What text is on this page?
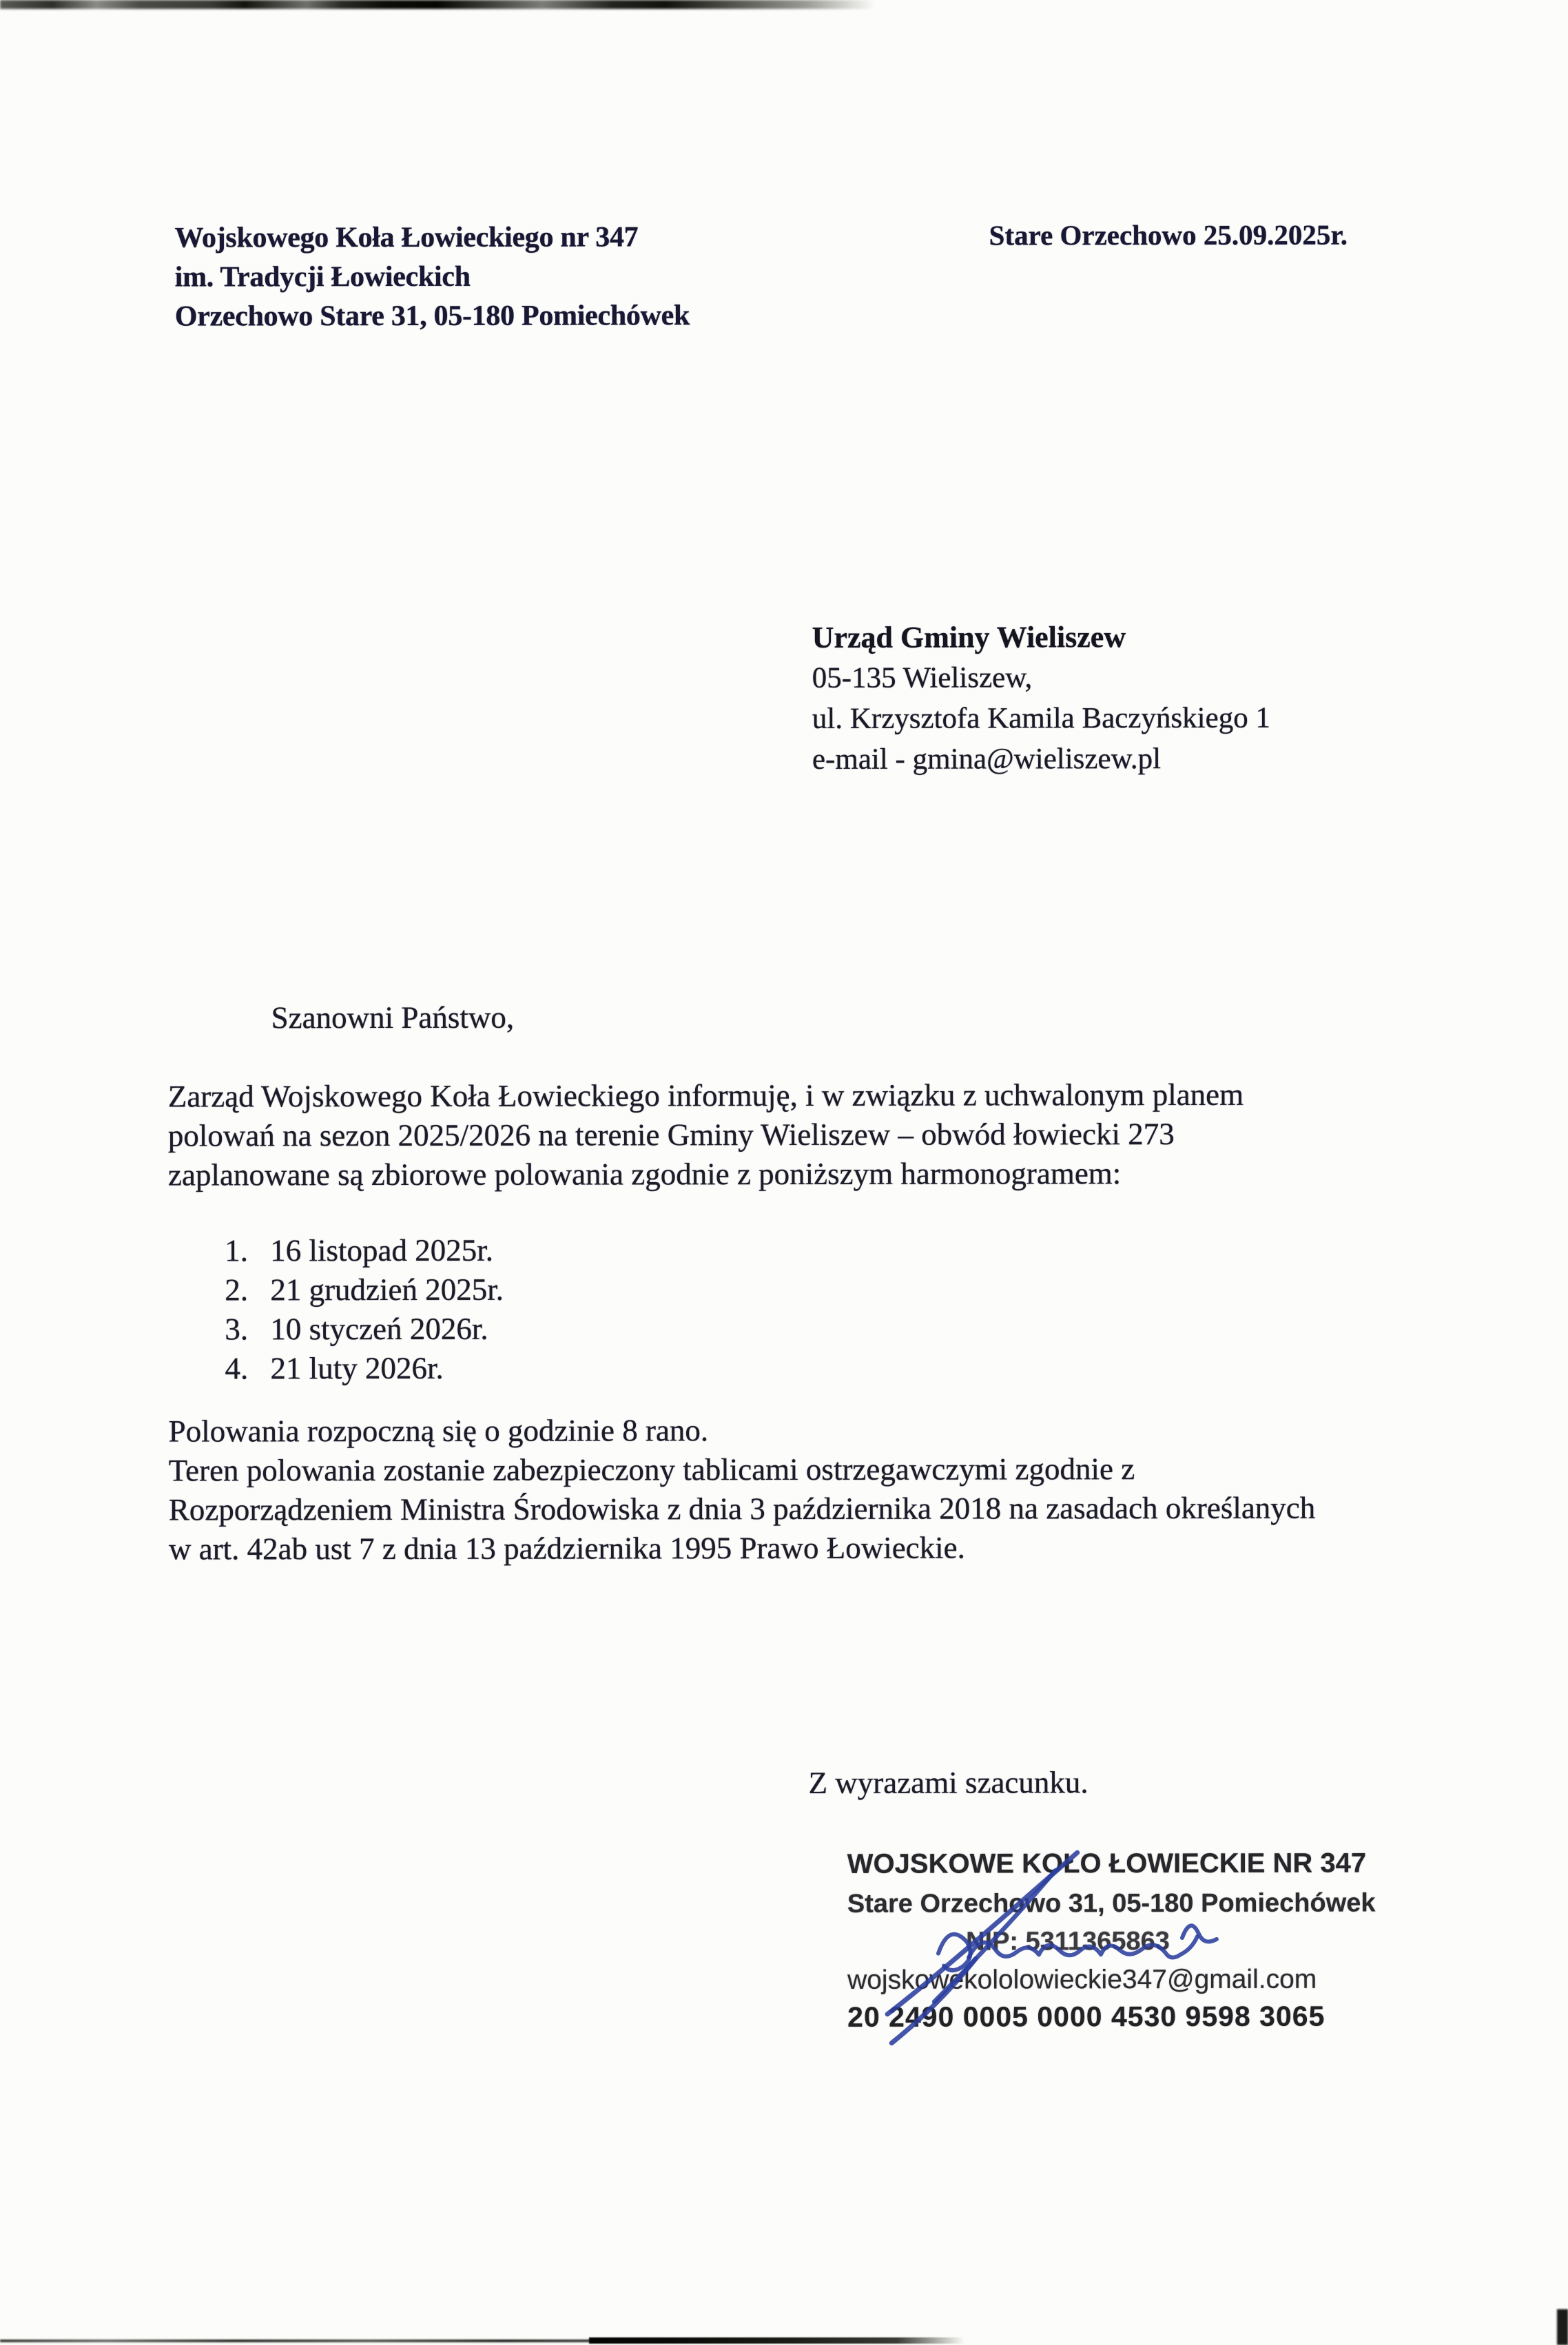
Wojskowego Koła Łowieckiego nr 347
im. Tradycji Łowieckich
Orzechowo Stare 31, 05-180 Pomiechówek
Stare Orzechowo 25.09.2025r.
Urząd Gminy Wieliszew
05-135 Wieliszew,
ul. Krzysztofa Kamila Baczyńskiego 1
e-mail - gmina@wieliszew.pl
Szanowni Państwo,
Zarząd Wojskowego Koła Łowieckiego informuję, i w związku z uchwalonym planem
polowań na sezon 2025/2026 na terenie Gminy Wieliszew – obwód łowiecki 273
zaplanowane są zbiorowe polowania zgodnie z poniższym harmonogramem:
1. 16 listopad 2025r.
2. 21 grudzień 2025r.
3. 10 styczeń 2026r.
4. 21 luty 2026r.
Polowania rozpoczną się o godzinie 8 rano.
Teren polowania zostanie zabezpieczony tablicami ostrzegawczymi zgodnie z
Rozporządzeniem Ministra Środowiska z dnia 3 października 2018 na zasadach określanych
w art. 42ab ust 7 z dnia 13 października 1995 Prawo Łowieckie.
Z wyrazami szacunku.
WOJSKOWE KOŁO ŁOWIECKIE NR 347
Stare Orzechowo 31, 05-180 Pomiechówek
NIP: 5311365863
wojskowekololowieckie347@gmail.com
20 2490 0005 0000 4530 9598 3065
